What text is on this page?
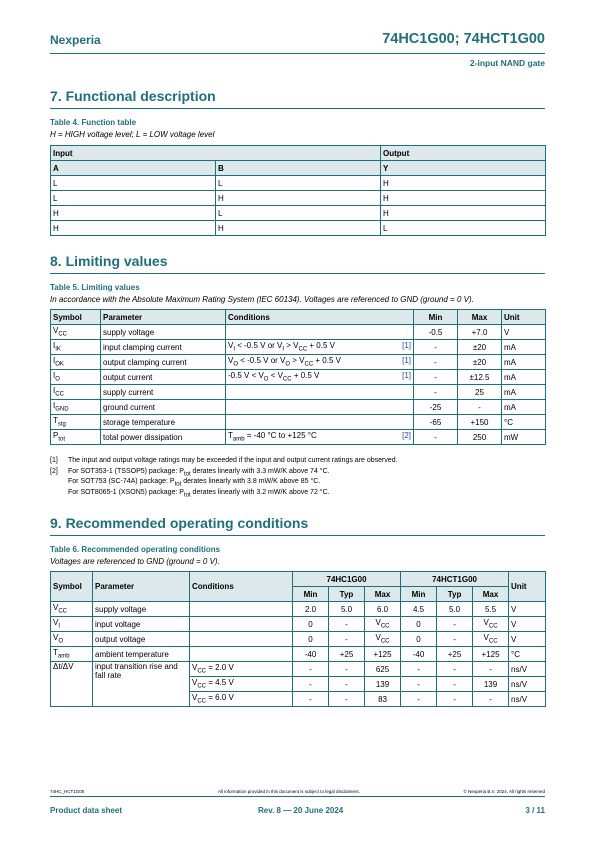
Nexperia	74HC1G00; 74HCT1G00
2-input NAND gate
7. Functional description
Table 4. Function table
H = HIGH voltage level; L = LOW voltage level
Input		Output
A	B	Y
L	L	H
L	H	H
H	L	H
H	H	L
8. Limiting values
Table 5. Limiting values
In accordance with the Absolute Maximum Rating System (IEC 60134). Voltages are referenced to GND (ground = 0 V).
Symbol	Parameter	Conditions	Min	Max	Unit
$V_{CC}$	supply voltage		-0.5	+7.0	V
$I_{IK}$	input clamping current	$V_I < -0.5$ V or $V_I > V_{CC} + 0.5$ V [1]	-	±20	mA
$I_{OK}$	output clamping current	$V_O < -0.5$ V or $V_O > V_{CC} + 0.5$ V [1]	-	±20	mA
$I_O$	output current	-0.5 $V < V_O < V_{CC} + 0.5$ V [1]	-	±12.5	mA
$I_{CC}$	supply current		-	25	mA
$I_{GND}$	ground current		-25	-	mA
$T_{stg}$	storage temperature		-65	+150	°C
$P_{tot}$	total power dissipation	$T_{amb} = -40$ °C to +125 °C [2]	-	250	mW
[1] The input and output voltage ratings may be exceeded if the input and output current ratings are observed.
[2] For SOT353-1 (TSSOP5) package: $P_{tot}$ derates linearly with 3.3 mW/K above 74 °C.
For SOT753 (SC-74A) package: $P_{tot}$ derates linearly with 3.8 mW/K above 85 °C.
For SOT8065-1 (XSON5) package: $P_{tot}$ derates linearly with 3.2 mW/K above 72 °C.
9. Recommended operating conditions
Table 6. Recommended operating conditions
Voltages are referenced to GND (ground = 0 V).
Symbol	Parameter	Conditions	74HC1G00			74HCT1G00			Unit
			Min	Typ	Max	Min	Typ	Max	
$V_{CC}$	supply voltage		2.0	5.0	6.0	4.5	5.0	5.5	V
$V_I$	input voltage		0	-	$V_{CC}$	0	-	$V_{CC}$	V
$V_O$	output voltage		0	-	$V_{CC}$	0	-	$V_{CC}$	V
$T_{amb}$	ambient temperature		-40	+25	+125	-40	+25	+125	°C
Δt/ΔV	input transition rise and fall rate	$V_{CC} = 2.0$ V	-	-	625	-	-	-	ns/V
		$V_{CC} = 4.5$ V	-	-	139	-	-	139	ns/V
		$V_{CC} = 6.0$ V	-	-	83	-	-	-	ns/V
74HC_HCT1G00	All information provided in this document is subject to legal disclaimers.	© Nexperia B.V. 2024. All rights reserved
Product data sheet	Rev. 8 — 20 June 2024	3 / 11
